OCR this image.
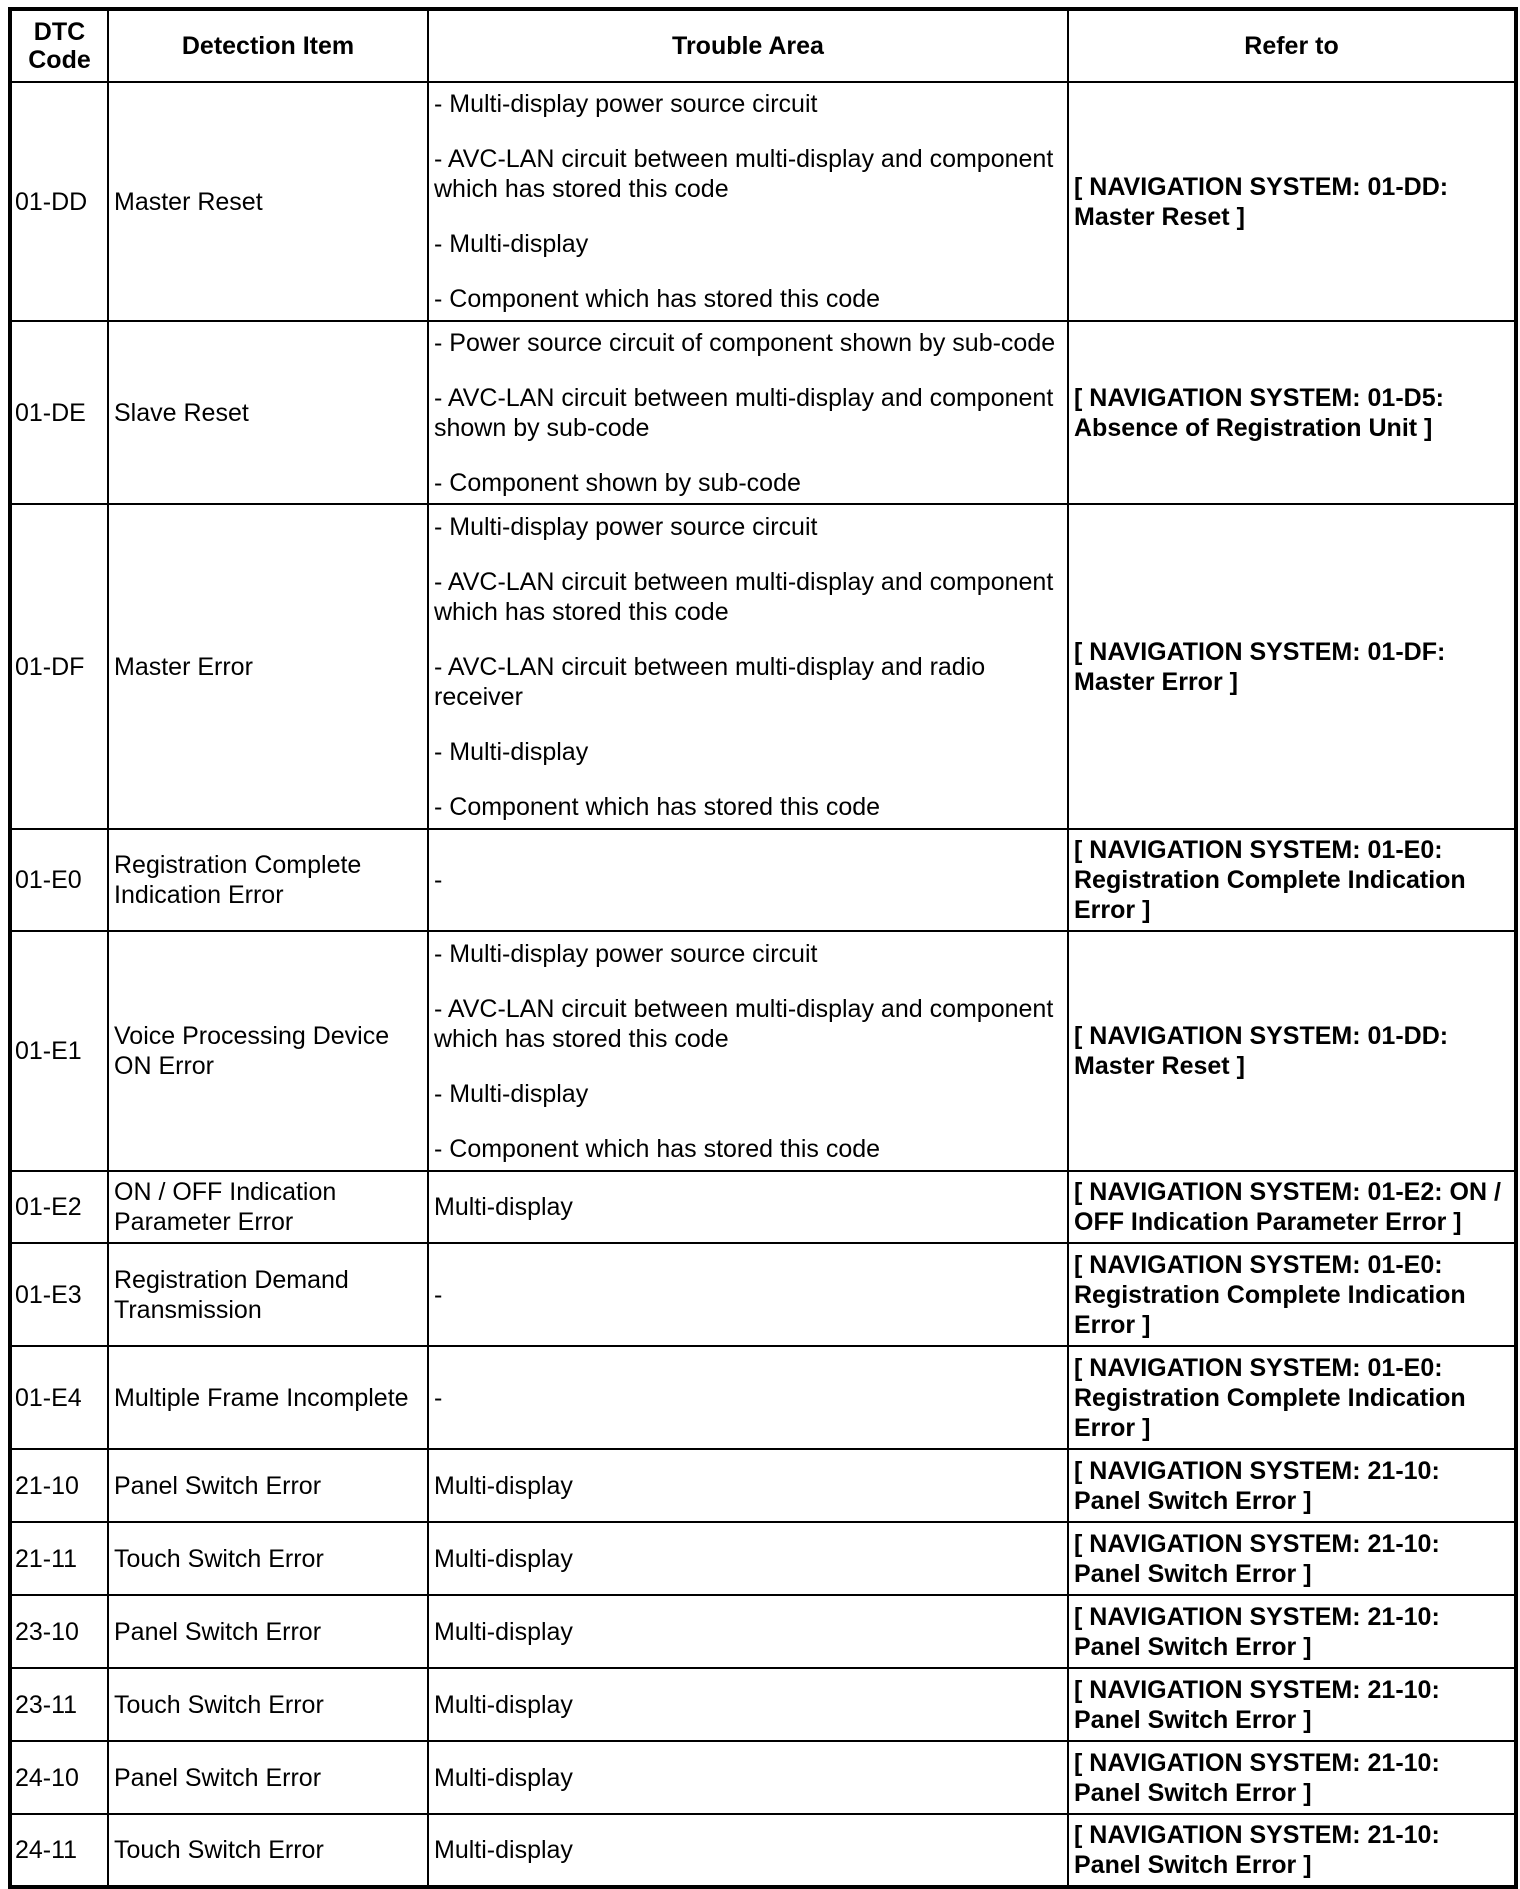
DTC Code	Detection Item	Trouble Area	Refer to
01-DD	Master Reset	- Multi-display power source circuit

- AVC-LAN circuit between multi-display and component which has stored this code

- Multi-display

- Component which has stored this code	[ NAVIGATION SYSTEM: 01-DD: Master Reset ]
01-DE	Slave Reset	- Power source circuit of component shown by sub-code

- AVC-LAN circuit between multi-display and component shown by sub-code

- Component shown by sub-code	[ NAVIGATION SYSTEM: 01-D5: Absence of Registration Unit ]
01-DF	Master Error	- Multi-display power source circuit

- AVC-LAN circuit between multi-display and component which has stored this code

- AVC-LAN circuit between multi-display and radio receiver

- Multi-display

- Component which has stored this code	[ NAVIGATION SYSTEM: 01-DF: Master Error ]
01-E0	Registration Complete Indication Error	-	[ NAVIGATION SYSTEM: 01-E0: Registration Complete Indication Error ]
01-E1	Voice Processing Device ON Error	- Multi-display power source circuit

- AVC-LAN circuit between multi-display and component which has stored this code

- Multi-display

- Component which has stored this code	[ NAVIGATION SYSTEM: 01-DD: Master Reset ]
01-E2	ON / OFF Indication Parameter Error	Multi-display	[ NAVIGATION SYSTEM: 01-E2: ON / OFF Indication Parameter Error ]
01-E3	Registration Demand Transmission	-	[ NAVIGATION SYSTEM: 01-E0: Registration Complete Indication Error ]
01-E4	Multiple Frame Incomplete	-	[ NAVIGATION SYSTEM: 01-E0: Registration Complete Indication Error ]
21-10	Panel Switch Error	Multi-display	[ NAVIGATION SYSTEM: 21-10: Panel Switch Error ]
21-11	Touch Switch Error	Multi-display	[ NAVIGATION SYSTEM: 21-10: Panel Switch Error ]
23-10	Panel Switch Error	Multi-display	[ NAVIGATION SYSTEM: 21-10: Panel Switch Error ]
23-11	Touch Switch Error	Multi-display	[ NAVIGATION SYSTEM: 21-10: Panel Switch Error ]
24-10	Panel Switch Error	Multi-display	[ NAVIGATION SYSTEM: 21-10: Panel Switch Error ]
24-11	Touch Switch Error	Multi-display	[ NAVIGATION SYSTEM: 21-10: Panel Switch Error ]
